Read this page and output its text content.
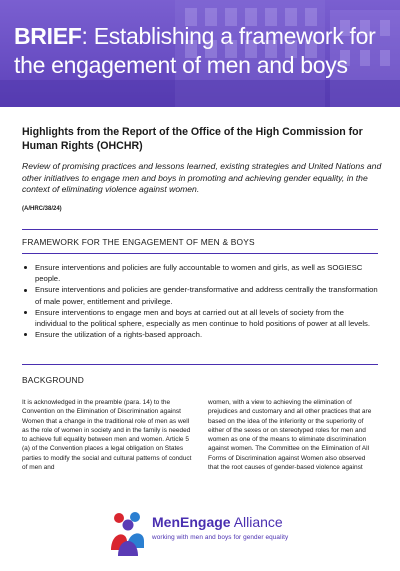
BRIEF: Establishing a framework for the engagement of men and boys

Highlights from the Report of the Office of the High Commission for Human Rights (OHCHR)

Review of promising practices and lessons learned, existing strategies and United Nations and other initiatives to engage men and boys in promoting and achieving gender equality, in the context of eliminating violence against women.

(A/HRC/38/24)

FRAMEWORK FOR THE ENGAGEMENT OF MEN & BOYS
Ensure interventions and policies are fully accountable to women and girls, as well as SOGIESC people.
Ensure interventions and policies are gender-transformative and address centrally the transformation of male power, entitlement and privilege.
Ensure interventions to engage men and boys at carried out at all levels of society from the individual to the political sphere, especially as men continue to hold positions of power at all levels.
Ensure the utilization of a rights-based approach.
BACKGROUND
It is acknowledged in the preamble (para. 14) to the Convention on the Elimination of Discrimination against Women that a change in the traditional role of men as well as the role of women in society and in the family is needed to achieve full equality between men and women. Article 5 (a) of the Convention places a legal obligation on States parties to modify the social and cultural patterns of conduct of men and
women, with a view to achieving the elimination of prejudices and customary and all other practices that are based on the idea of the inferiority or the superiority of either of the sexes or on stereotyped roles for men and women as one of the means to eliminate discrimination against women. The Committee on the Elimination of All Forms of Discrimination against Women also observed that the root causes of gender-based violence against
MenEngage Alliance
working with men and boys for gender equality
